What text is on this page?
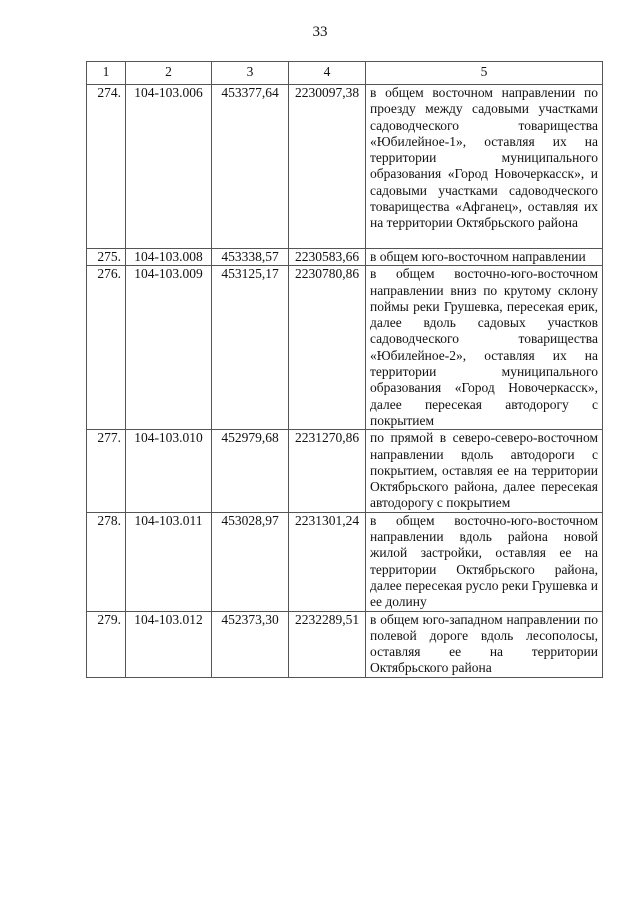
33
1	2	3	4	5
274.	104-103.006	453377,64	2230097,38	в общем восточном направлении по проезду между садовыми участками садоводческого товарищества «Юбилейное-1», оставляя их на территории муниципального образования «Город Новочеркасск», и садовыми участками садоводческого товарищества «Афганец», оставляя их на территории Октябрьского района
275.	104-103.008	453338,57	2230583,66	в общем юго-восточном направлении
276.	104-103.009	453125,17	2230780,86	в общем восточно-юго-восточном направлении вниз по крутому склону поймы реки Грушевка, пересекая ерик, далее вдоль садовых участков садоводческого товарищества «Юбилейное-2», оставляя их на территории муниципального образования «Город Новочеркасск», далее пересекая автодорогу с покрытием
277.	104-103.010	452979,68	2231270,86	по прямой в северо-северо-восточном направлении вдоль автодороги с покрытием, оставляя ее на территории Октябрьского района, далее пересекая автодорогу с покрытием
278.	104-103.011	453028,97	2231301,24	в общем восточно-юго-восточном направлении вдоль района новой жилой застройки, оставляя ее на территории Октябрьского района, далее пересекая русло реки Грушевка и ее долину
279.	104-103.012	452373,30	2232289,51	в общем юго-западном направлении по полевой дороге вдоль лесополосы, оставляя ее на территории Октябрьского района
